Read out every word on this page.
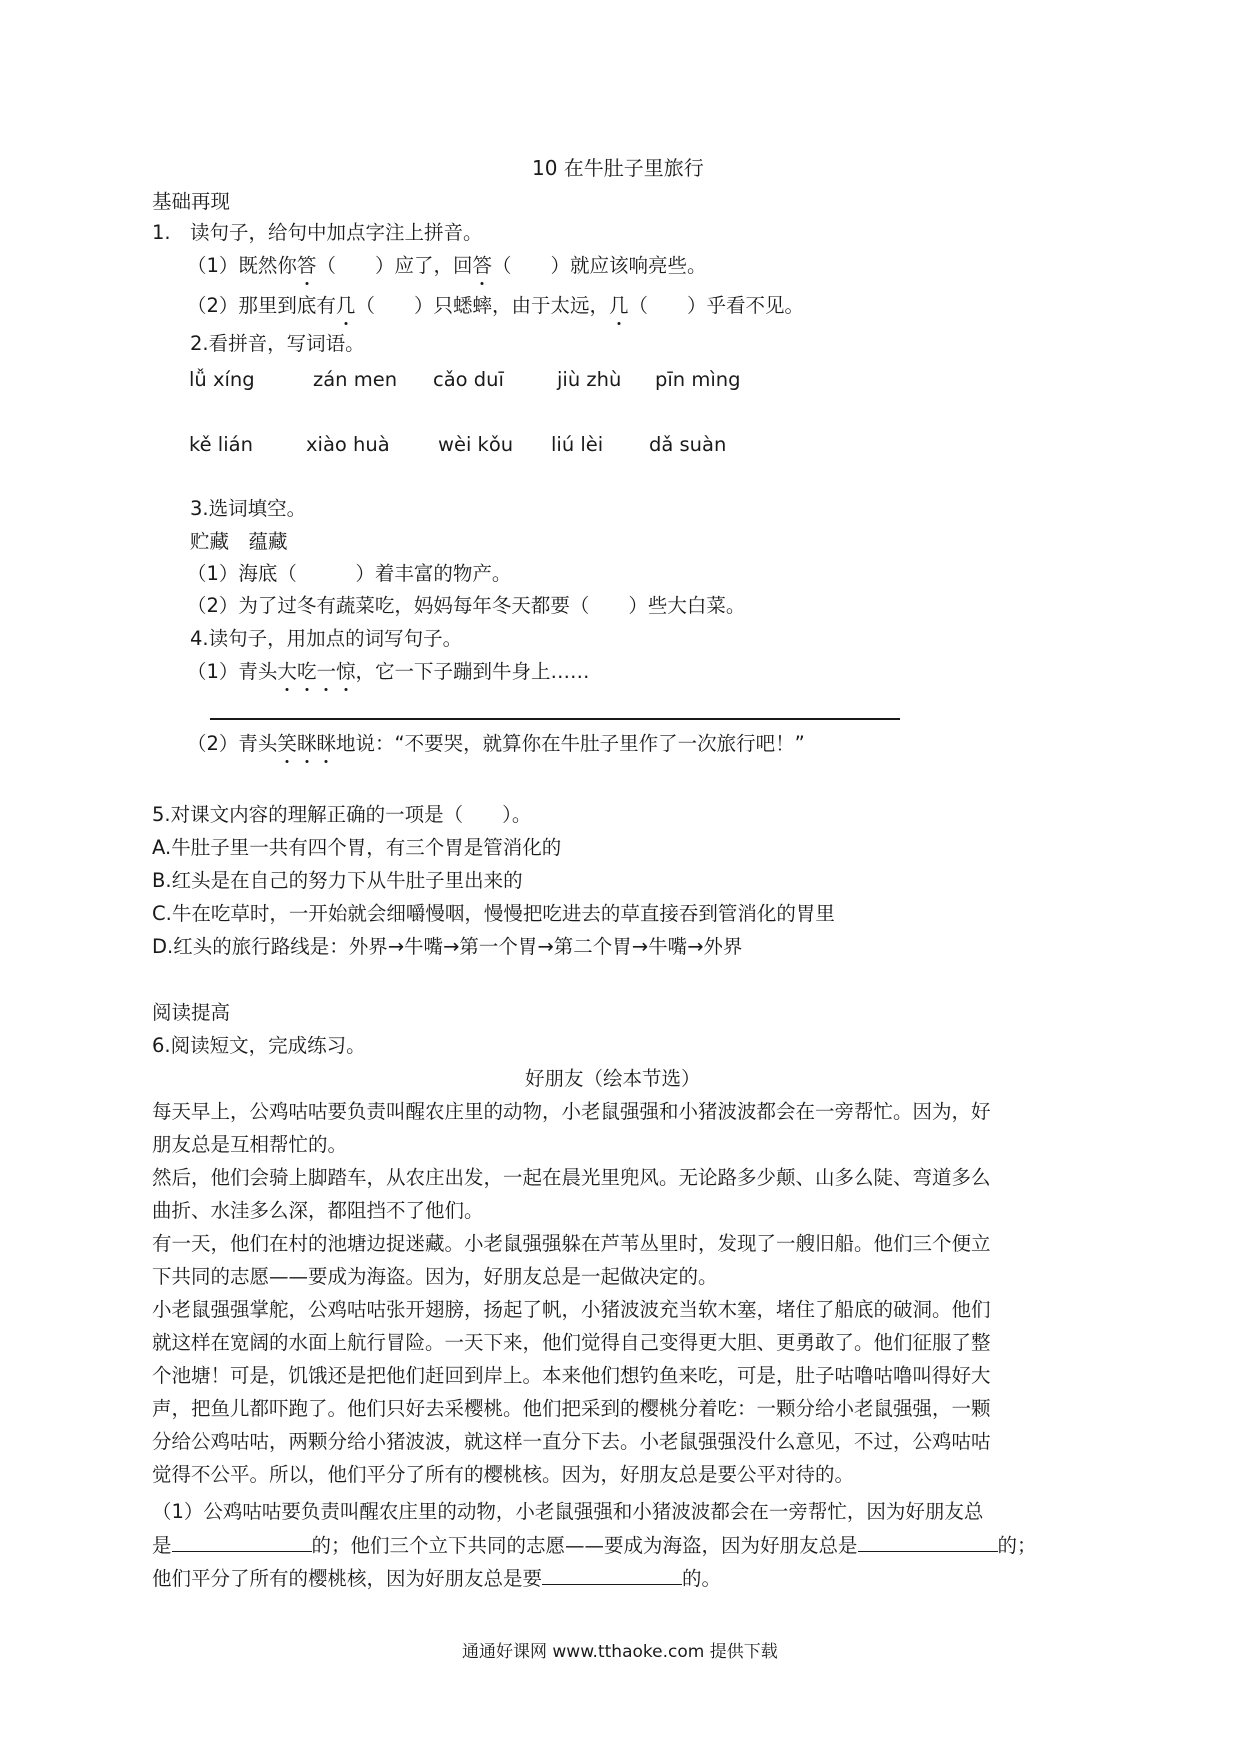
10 在牛肚子里旅行
基础再现
1. 读句子，给句中加点字注上拼音。
（1）既然你答（　　）应了，回答（　　）就应该响亮些。
（2）那里到底有几（　　）只蟋蟀，由于太远，几（　　）乎看不见。
2.看拼音，写词语。
lǚ xíng	zán men cǎo duī	jiù zhù pīn mìng
kě lián	xiào huà wèi kǒu liú lèi dǎ suàn
3.选词填空。
贮藏　蕴藏
（1）海底（　　　）着丰富的物产。
（2）为了过冬有蔬菜吃，妈妈每年冬天都要（　　）些大白菜。
4.读句子，用加点的词写句子。
（1）青头大吃一惊，它一下子蹦到牛身上……
（2）青头笑眯眯地说：“不要哭，就算你在牛肚子里作了一次旅行吧！”
5.对课文内容的理解正确的一项是（　　）。
A.牛肚子里一共有四个胃，有三个胃是管消化的
B.红头是在自己的努力下从牛肚子里出来的
C.牛在吃草时，一开始就会细嚼慢咽，慢慢把吃进去的草直接吞到管消化的胃里
D.红头的旅行路线是：外界→牛嘴→第一个胃→第二个胃→牛嘴→外界
阅读提高
6.阅读短文，完成练习。
好朋友（绘本节选）
每天早上，公鸡咕咕要负责叫醒农庄里的动物，小老鼠强强和小猪波波都会在一旁帮忙。因为，好
朋友总是互相帮忙的。
然后，他们会骑上脚踏车，从农庄出发，一起在晨光里兜风。无论路多少颠、山多么陡、弯道多么
曲折、水洼多么深，都阻挡不了他们。
有一天，他们在村的池塘边捉迷藏。小老鼠强强躲在芦苇丛里时，发现了一艘旧船。他们三个便立
下共同的志愿——要成为海盗。因为，好朋友总是一起做决定的。
小老鼠强强掌舵，公鸡咕咕张开翅膀，扬起了帆，小猪波波充当软木塞，堵住了船底的破洞。他们
就这样在宽阔的水面上航行冒险。一天下来，他们觉得自己变得更大胆、更勇敢了。他们征服了整
个池塘！可是，饥饿还是把他们赶回到岸上。本来他们想钓鱼来吃，可是，肚子咕噜咕噜叫得好大
声，把鱼儿都吓跑了。他们只好去采樱桃。他们把采到的樱桃分着吃：一颗分给小老鼠强强，一颗
分给公鸡咕咕，两颗分给小猪波波，就这样一直分下去。小老鼠强强没什么意见，不过，公鸡咕咕
觉得不公平。所以，他们平分了所有的樱桃核。因为，好朋友总是要公平对待的。
（1）公鸡咕咕要负责叫醒农庄里的动物，小老鼠强强和小猪波波都会在一旁帮忙，因为好朋友总
是	的；他们三个立下共同的志愿——要成为海盗，因为好朋友总是	的；
他们平分了所有的樱桃核，因为好朋友总是要	的。
通通好课网 www.tthaoke.com 提供下载
